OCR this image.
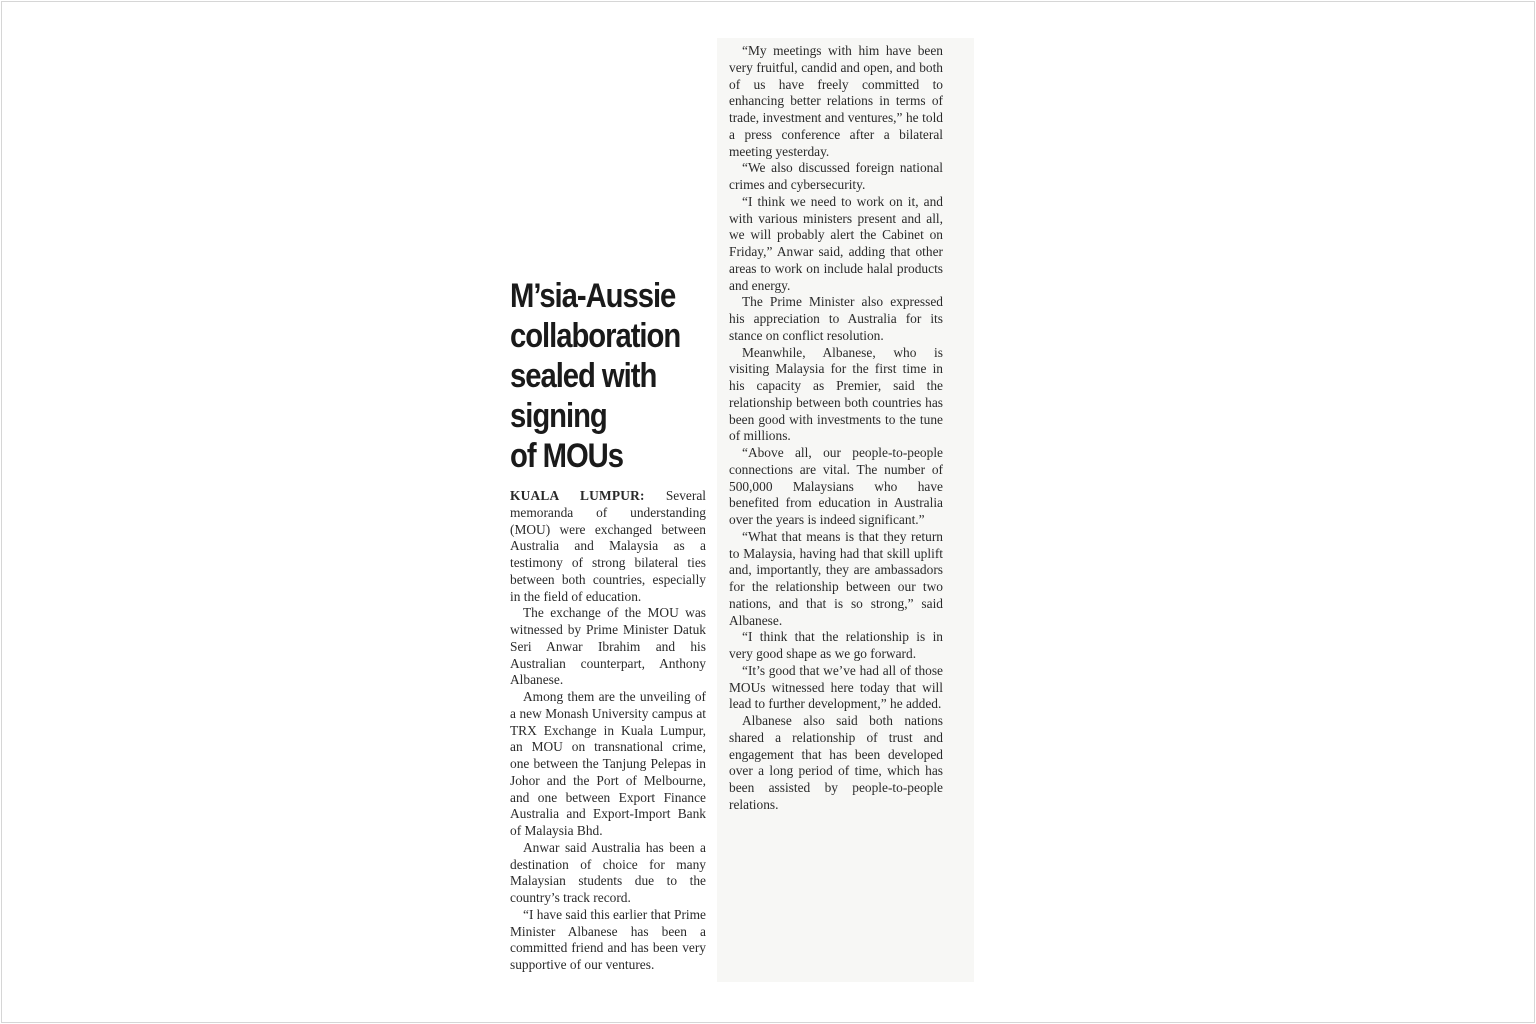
M’sia-Aussie
collaboration
sealed with
signing
of MOUs

KUALA LUMPUR: Several memoranda of understanding (MOU) were exchanged between Australia and Malaysia as a testimony of strong bilateral ties between both countries, especially in the field of education.

The exchange of the MOU was witnessed by Prime Minister Datuk Seri Anwar Ibrahim and his Australian counterpart, Anthony Albanese.

Among them are the unveiling of a new Monash University campus at TRX Exchange in Kuala Lumpur, an MOU on transnational crime, one between the Tanjung Pelepas in Johor and the Port of Melbourne, and one between Export Finance Australia and Export-Import Bank of Malaysia Bhd.

Anwar said Australia has been a destination of choice for many Malaysian students due to the country’s track record.

“I have said this earlier that Prime Minister Albanese has been a committed friend and has been very supportive of our ventures.

“My meetings with him have been very fruitful, candid and open, and both of us have freely committed to enhancing better relations in terms of trade, investment and ventures,” he told a press conference after a bilateral meeting yesterday.

“We also discussed foreign national crimes and cybersecurity.

“I think we need to work on it, and with various ministers present and all, we will probably alert the Cabinet on Friday,” Anwar said, adding that other areas to work on include halal products and energy.

The Prime Minister also expressed his appreciation to Australia for its stance on conflict resolution.

Meanwhile, Albanese, who is visiting Malaysia for the first time in his capacity as Premier, said the relationship between both countries has been good with investments to the tune of millions.

“Above all, our people-to-people connections are vital. The number of 500,000 Malaysians who have benefited from education in Australia over the years is indeed significant.”

“What that means is that they return to Malaysia, having had that skill uplift and, importantly, they are ambassadors for the relationship between our two nations, and that is so strong,” said Albanese.

“I think that the relationship is in very good shape as we go forward.

“It’s good that we’ve had all of those MOUs witnessed here today that will lead to further development,” he added.

Albanese also said both nations shared a relationship of trust and engagement that has been developed over a long period of time, which has been assisted by people-to-people relations.
